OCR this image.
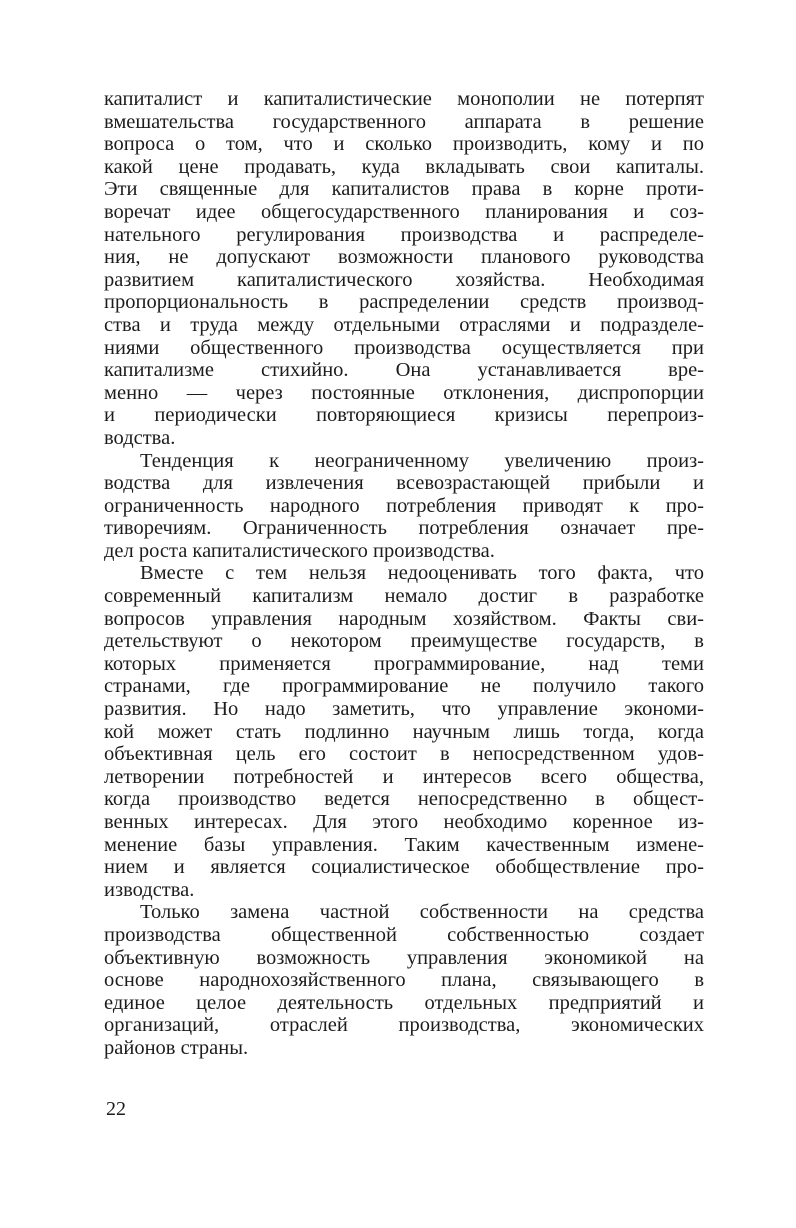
капиталист и капиталистические монополии не потерпят
вмешательства государственного аппарата в решение
вопроса о том, что и сколько производить, кому и по
какой цене продавать, куда вкладывать свои капиталы.
Эти священные для капиталистов права в корне проти-
воречат идее общегосударственного планирования и соз-
нательного регулирования производства и распределе-
ния, не допускают возможности планового руководства
развитием капиталистического хозяйства. Необходимая
пропорциональность в распределении средств производ-
ства и труда между отдельными отраслями и подразделе-
ниями общественного производства осуществляется при
капитализме стихийно. Она устанавливается вре-
менно — через постоянные отклонения, диспропорции
и периодически повторяющиеся кризисы перепроиз-
водства.
Тенденция к неограниченному увеличению произ-
водства для извлечения всевозрастающей прибыли и
ограниченность народного потребления приводят к про-
тиворечиям. Ограниченность потребления означает пре-
дел роста капиталистического производства.
Вместе с тем нельзя недооценивать того факта, что
современный капитализм немало достиг в разработке
вопросов управления народным хозяйством. Факты сви-
детельствуют о некотором преимуществе государств, в
которых применяется программирование, над теми
странами, где программирование не получило такого
развития. Но надо заметить, что управление экономи-
кой может стать подлинно научным лишь тогда, когда
объективная цель его состоит в непосредственном удов-
летворении потребностей и интересов всего общества,
когда производство ведется непосредственно в общест-
венных интересах. Для этого необходимо коренное из-
менение базы управления. Таким качественным измене-
нием и является социалистическое обобществление про-
изводства.
Только замена частной собственности на средства
производства общественной собственностью создает
объективную возможность управления экономикой на
основе народнохозяйственного плана, связывающего в
единое целое деятельность отдельных предприятий и
организаций, отраслей производства, экономических
районов страны.
22
